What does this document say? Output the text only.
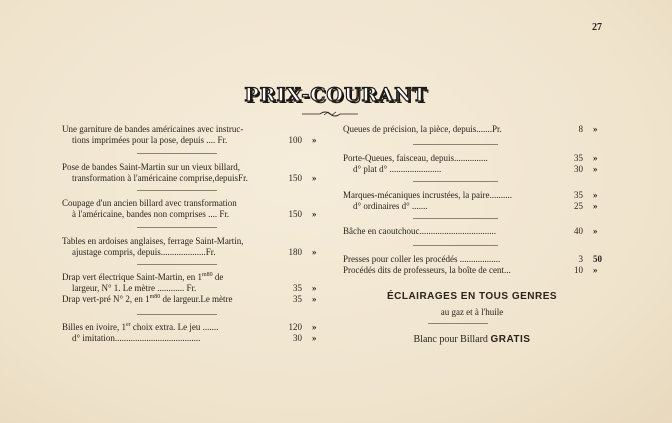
27
PRIX-COURANT
Une garniture de bandes américaines avec instruc-
tions imprimées pour la pose, depuis .... Fr.	100 »
Pose de bandes Saint-Martin sur un vieux billard,
transformation à l'américaine comprise,depuisFr.	150 »
Coupage d'un ancien billard avec transformation
à l'américaine, bandes non comprises .... Fr.	150 »
Tables en ardoises anglaises, ferrage Saint-Martin,
ajustage compris, depuis....................Fr.	180 »
Drap vert électrique Saint-Martin, en $1^{m80}$ de
largeur, N° 1. Le mètre ............ Fr.	35 »
Drap vert-pré N° 2, en $1^{m80}$ de largeur.Le mètre	35 »
Billes en ivoire, 1er choix extra. Le jeu .......	120 »
d° imitation......................................	30 »
Queues de précision, la pièce, depuis.......Pr.	8 »
Porte-Queues, faisceau, depuis...............	35 »
d° plat d° .......................	30 »
Marques-mécaniques incrustées, la paire..........	35 »
d° ordinaires d° .......	25 »
Bâche en caoutchouc..................................	40 »
Presses pour coller les procédés ..................	3 50
Procédés dits de professeurs, la boîte de cent...	10 »
ÉCLAIRAGES EN TOUS GENRES
au gaz et à l'huile
Blanc pour Billard GRATIS
